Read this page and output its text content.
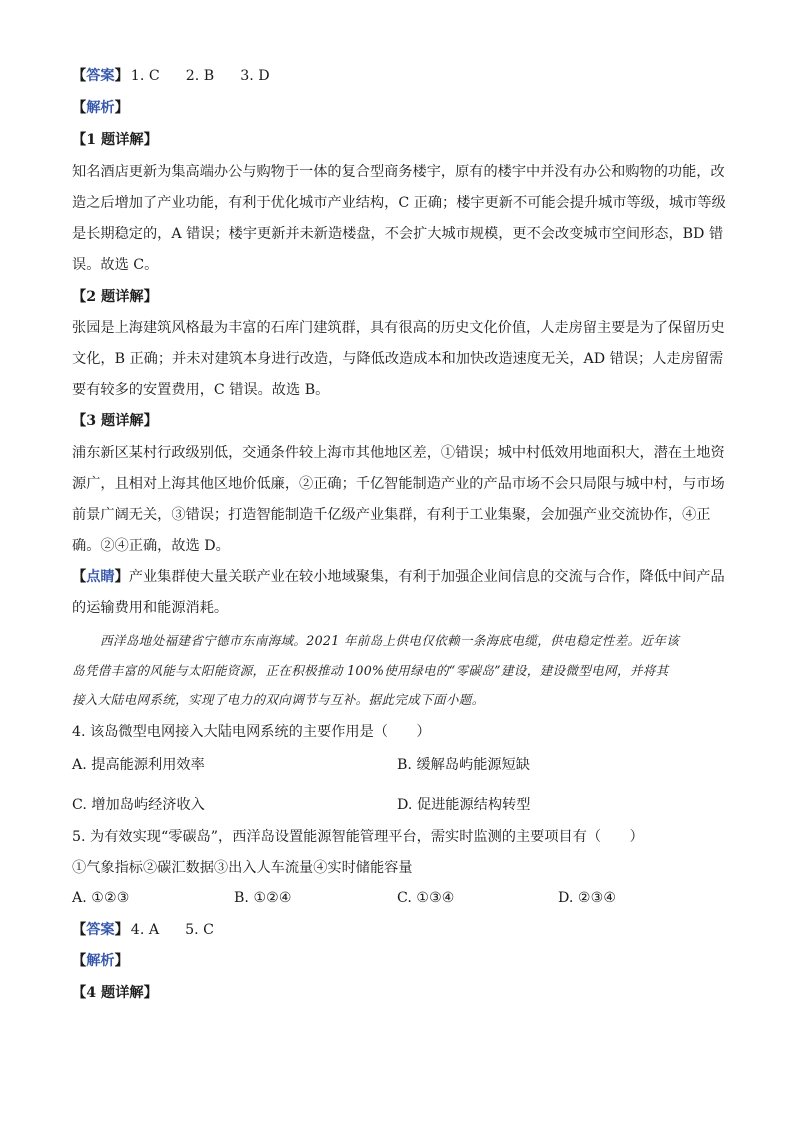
【答案】 1. C 2. B 3. D
【解析】
【1 题详解】
知名酒店更新为集高端办公与购物于一体的复合型商务楼宇，原有的楼宇中并没有办公和购物的功能，改
造之后增加了产业功能，有利于优化城市产业结构，C 正确；楼宇更新不可能会提升城市等级，城市等级
是长期稳定的，A 错误；楼宇更新并未新造楼盘，不会扩大城市规模，更不会改变城市空间形态，BD 错
误。故选 C。
【2 题详解】
张园是上海建筑风格最为丰富的石库门建筑群，具有很高的历史文化价值，人走房留主要是为了保留历史
文化，B 正确；并未对建筑本身进行改造，与降低改造成本和加快改造速度无关，AD 错误；人走房留需
要有较多的安置费用，C 错误。故选 B。
【3 题详解】
浦东新区某村行政级别低，交通条件较上海市其他地区差，①错误；城中村低效用地面积大，潜在土地资
源广，且相对上海其他区地价低廉，②正确；千亿智能制造产业的产品市场不会只局限与城中村，与市场
前景广阔无关，③错误；打造智能制造千亿级产业集群，有利于工业集聚，会加强产业交流协作，④正
确。②④正确，故选 D。
【点睛】产业集群使大量关联产业在较小地域聚集，有利于加强企业间信息的交流与合作，降低中间产品
的运输费用和能源消耗。
西洋岛地处福建省宁德市东南海域。2021 年前岛上供电仅依赖一条海底电缆，供电稳定性差。近年该
岛凭借丰富的风能与太阳能资源，正在积极推动 100%使用绿电的“零碳岛”建设，建设微型电网，并将其
接入大陆电网系统，实现了电力的双向调节与互补。据此完成下面小题。
4. 该岛微型电网接入大陆电网系统的主要作用是（　　）
A. 提高能源利用效率	B. 缓解岛屿能源短缺
C. 增加岛屿经济收入	D. 促进能源结构转型
5. 为有效实现“零碳岛”，西洋岛设置能源智能管理平台，需实时监测的主要项目有（　　）
①气象指标②碳汇数据③出入人车流量④实时储能容量
A. ①②③	B. ①②④	C. ①③④	D. ②③④
【答案】 4. A 5. C
【解析】
【4 题详解】
